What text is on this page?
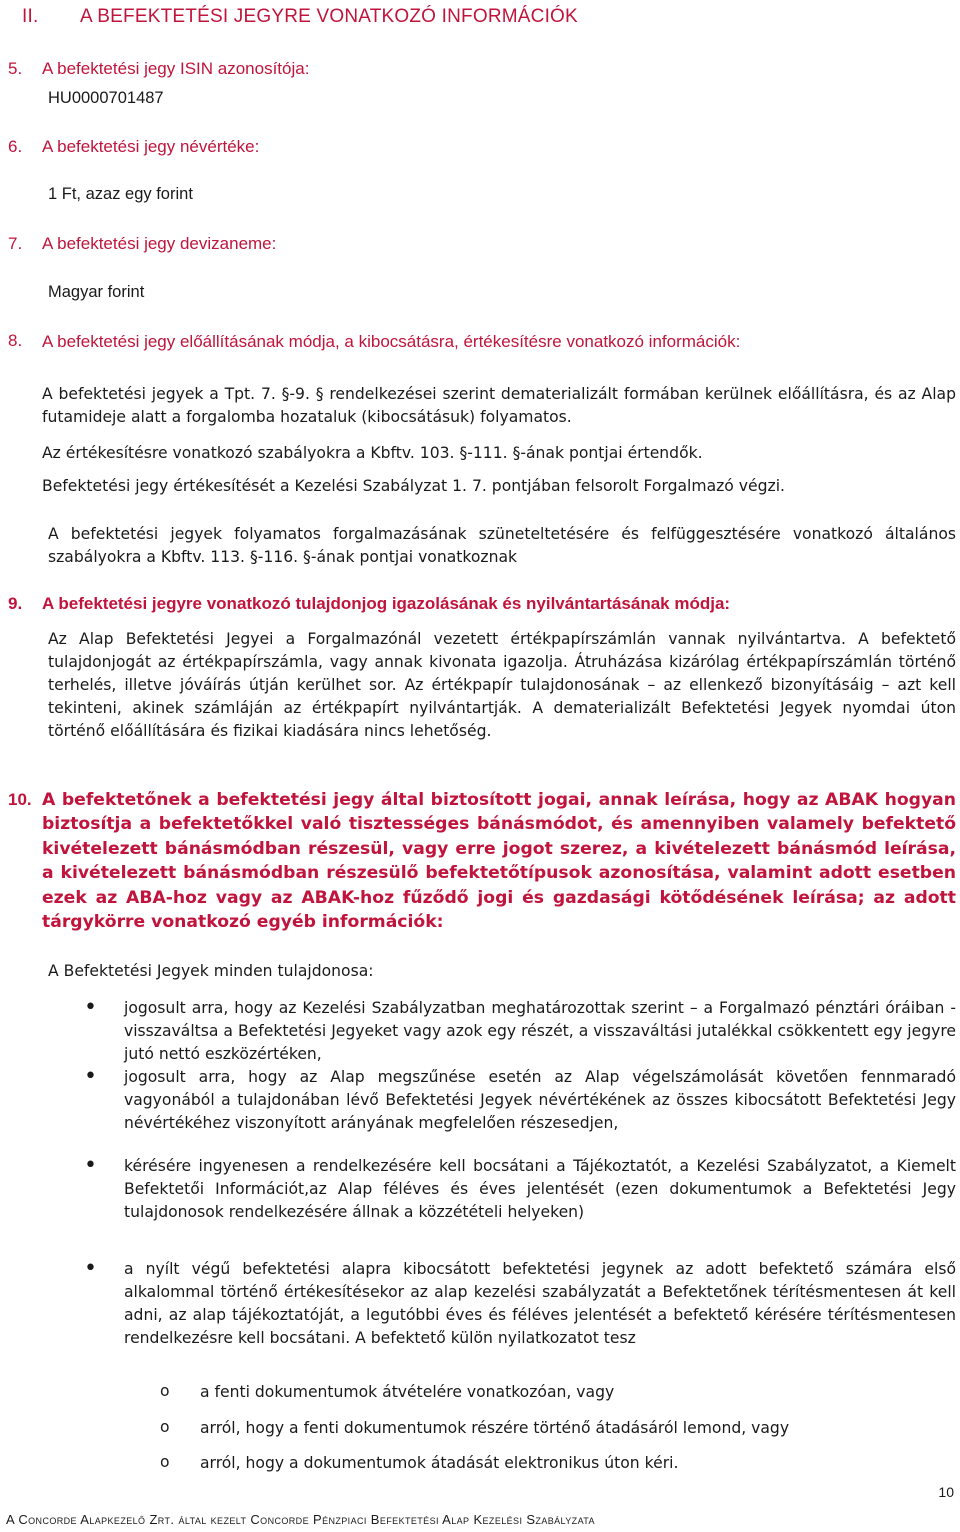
II. A BEFEKTETÉSI JEGYRE VONATKOZÓ INFORMÁCIÓK
5. A befektetési jegy ISIN azonosítója:
HU0000701487
6. A befektetési jegy névértéke:
1 Ft, azaz egy forint
7. A befektetési jegy devizaneme:
Magyar forint
8. A befektetési jegy előállításának módja, a kibocsátásra, értékesítésre vonatkozó információk:
A befektetési jegyek a Tpt. 7. §-9. § rendelkezései szerint dematerializált formában kerülnek előállításra, és az Alap futamideje alatt a forgalomba hozataluk (kibocsátásuk) folyamatos.
Az értékesítésre vonatkozó szabályokra a Kbftv. 103. §-111. §-ának pontjai értendők.
Befektetési jegy értékesítését a Kezelési Szabályzat 1. 7. pontjában felsorolt Forgalmazó végzi.
A befektetési jegyek folyamatos forgalmazásának szüneteltetésére és felfüggesztésére vonatkozó általános szabályokra a Kbftv. 113. §-116. §-ának pontjai vonatkoznak
9. A befektetési jegyre vonatkozó tulajdonjog igazolásának és nyilvántartásának módja:
Az Alap Befektetési Jegyei a Forgalmazónál vezetett értékpapírszámlán vannak nyilvántartva. A befektető tulajdonjogát az értékpapírszámla, vagy annak kivonata igazolja. Átruházása kizárólag értékpapírszámlán történő terhelés, illetve jóváírás útján kerülhet sor. Az értékpapír tulajdonosának – az ellenkező bizonyításáig – azt kell tekinteni, akinek számláján az értékpapírt nyilvántartják. A dematerializált Befektetési Jegyek nyomdai úton történő előállítására és fizikai kiadására nincs lehetőség.
10. A befektetőnek a befektetési jegy által biztosított jogai, annak leírása, hogy az ABAK hogyan biztosítja a befektetőkkel való tisztességes bánásmódot, és amennyiben valamely befektető kivételezett bánásmódban részesül, vagy erre jogot szerez, a kivételezett bánásmód leírása, a kivételezett bánásmódban részesülő befektetőtípusok azonosítása, valamint adott esetben ezek az ABA-hoz vagy az ABAK-hoz fűződő jogi és gazdasági kötődésének leírása; az adott tárgykörre vonatkozó egyéb információk:
A Befektetési Jegyek minden tulajdonosa:
• jogosult arra, hogy az Kezelési Szabályzatban meghatározottak szerint – a Forgalmazó pénztári óráiban - visszaváltsa a Befektetési Jegyeket vagy azok egy részét, a visszaváltási jutalékkal csökkentett egy jegyre jutó nettó eszközértéken,
• jogosult arra, hogy az Alap megszűnése esetén az Alap végelszámolását követően fennmaradó vagyonából a tulajdonában lévő Befektetési Jegyek névértékének az összes kibocsátott Befektetési Jegy névértékéhez viszonyított arányának megfelelően részesedjen,
• kérésére ingyenesen a rendelkezésére kell bocsátani a Tájékoztatót, a Kezelési Szabályzatot, a Kiemelt Befektetői Információt,az Alap féléves és éves jelentését (ezen dokumentumok a Befektetési Jegy tulajdonosok rendelkezésére állnak a közzétételi helyeken)
• a nyílt végű befektetési alapra kibocsátott befektetési jegynek az adott befektető számára első alkalommal történő értékesítésekor az alap kezelési szabályzatát a Befektetőnek térítésmentesen át kell adni, az alap tájékoztatóját, a legutóbbi éves és féléves jelentését a befektető kérésére térítésmentesen rendelkezésre kell bocsátani. A befektető külön nyilatkozatot tesz
o a fenti dokumentumok átvételére vonatkozóan, vagy
o arról, hogy a fenti dokumentumok részére történő átadásáról lemond, vagy
o arról, hogy a dokumentumok átadását elektronikus úton kéri.
10
A Concorde Alapkezelő Zrt. által kezelt Concorde Pénzpiaci Befektetési Alap Kezelési Szabályzata
